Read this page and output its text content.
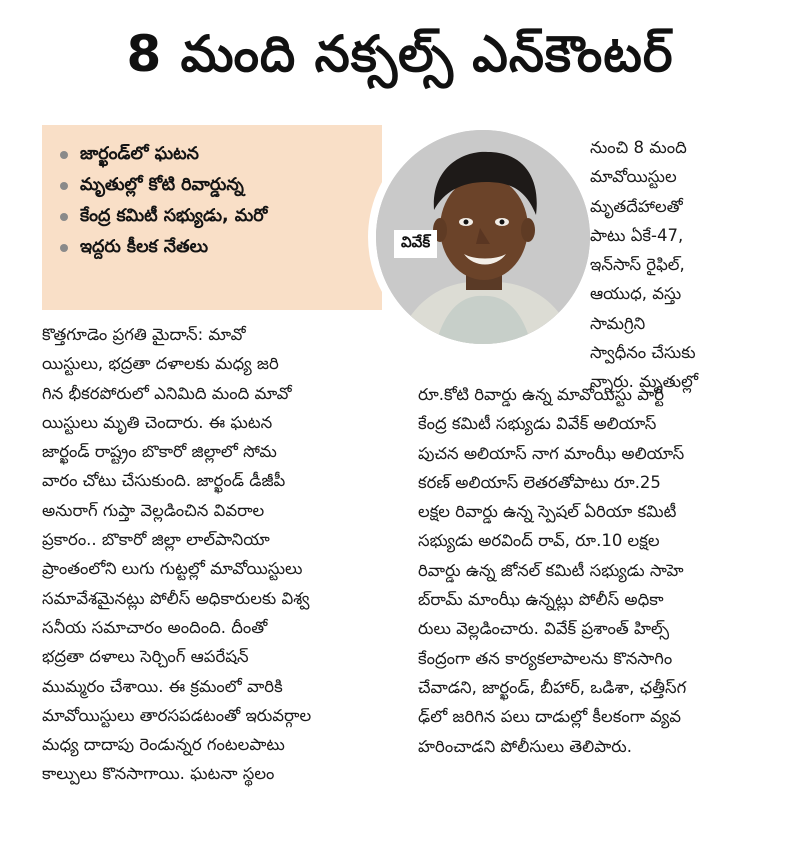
8 మంది నక్సల్స్ ఎన్‌కౌంటర్
జార్ఖండ్‌లో ఘటన
మృతుల్లో కోటి రివార్డున్న
కేంద్ర కమిటీ సభ్యుడు, మరో
ఇద్దరు కీలక నేతలు	వివేక్
కొత్తగూడెం ప్రగతి మైదాన్: మావో
యిస్టులు, భద్రతా దళాలకు మధ్య జరి
గిన భీకరపోరులో ఎనిమిది మంది మావో
యిస్టులు మృతి చెందారు. ఈ ఘటన
జార్ఖండ్ రాష్ట్రం బొకారో జిల్లాలో సోమ
వారం చోటు చేసుకుంది. జార్ఖండ్ డీజీపీ
అనురాగ్ గుప్తా వెల్లడించిన వివరాల
ప్రకారం.. బొకారో జిల్లా లాల్‌పానియా
ప్రాంతంలోని లుగు గుట్టల్లో మావోయిస్టులు
సమావేశమైనట్లు పోలీస్ అధికారులకు విశ్వ
సనీయ సమాచారం అందింది. దీంతో
భద్రతా దళాలు సెర్చింగ్ ఆపరేషన్
ముమ్మరం చేశాయి. ఈ క్రమంలో వారికి
మావోయిస్టులు తారసపడటంతో ఇరువర్గాల
మధ్య దాదాపు రెండున్నర గంటలపాటు
కాల్పులు కొనసాగాయి. ఘటనా స్థలం
నుంచి 8 మంది
మావోయిస్టుల
మృతదేహాలతో
పాటు ఏకే-47,
ఇన్‌సాస్ రైఫిల్,
ఆయుధ, వస్తు
సామగ్రిని
స్వాధీనం చేసుకు
న్నారు. మృతుల్లో
రూ.కోటి రివార్డు ఉన్న మావోయిస్టు పార్టీ
కేంద్ర కమిటీ సభ్యుడు వివేక్ అలియాస్
పుచన అలియాస్ నాగ మాంఝీ అలియాస్
కరణ్ అలియాస్ లెతరతోపాటు రూ.25
లక్షల రివార్డు ఉన్న స్పెషల్ ఏరియా కమిటీ
సభ్యుడు అరవింద్ రావ్, రూ.10 లక్షల
రివార్డు ఉన్న జోనల్ కమిటీ సభ్యుడు సాహె
బ్‌రామ్ మాంఝీ ఉన్నట్లు పోలీస్ అధికా
రులు వెల్లడించారు. వివేక్ ప్రశాంత్ హిల్స్
కేంద్రంగా తన కార్యకలాపాలను కొనసాగిం
చేవాడని, జార్ఖండ్, బీహార్, ఒడిశా, ఛత్తీస్‌గ
ఢ్‌లో జరిగిన పలు దాడుల్లో కీలకంగా వ్యవ
హరించాడని పోలీసులు తెలిపారు.
